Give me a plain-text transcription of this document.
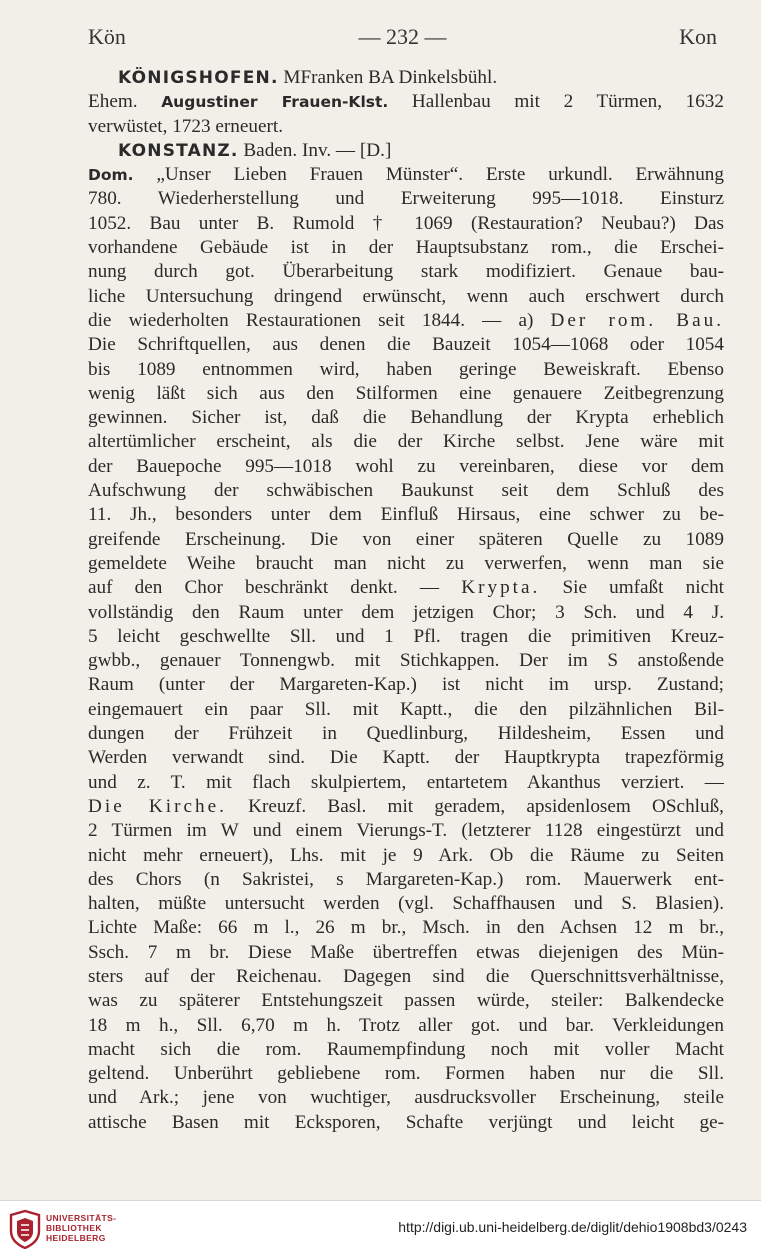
Kön	— 232 —	Kon
KÖNIGSHOFEN. MFranken BA Dinkelsbühl.
Ehem. Augustiner Frauen-Klst. Hallenbau mit 2 Türmen, 1632
verwüstet, 1723 erneuert.
KONSTANZ. Baden. Inv. — [D.]
Dom. „Unser Lieben Frauen Münster“. Erste urkundl. Erwähnung
780. Wiederherstellung und Erweiterung 995—1018. Einsturz
1052. Bau unter B. Rumold † 1069 (Restauration? Neubau?) Das
vorhandene Gebäude ist in der Hauptsubstanz rom., die Erschei-
nung durch got. Überarbeitung stark modifiziert. Genaue bau-
liche Untersuchung dringend erwünscht, wenn auch erschwert durch
die wiederholten Restaurationen seit 1844. — a) Der rom. Bau.
Die Schriftquellen, aus denen die Bauzeit 1054—1068 oder 1054
bis 1089 entnommen wird, haben geringe Beweiskraft. Ebenso
wenig läßt sich aus den Stilformen eine genauere Zeitbegrenzung
gewinnen. Sicher ist, daß die Behandlung der Krypta erheblich
altertümlicher erscheint, als die der Kirche selbst. Jene wäre mit
der Bauepoche 995—1018 wohl zu vereinbaren, diese vor dem
Aufschwung der schwäbischen Baukunst seit dem Schluß des
11. Jh., besonders unter dem Einfluß Hirsaus, eine schwer zu be-
greifende Erscheinung. Die von einer späteren Quelle zu 1089
gemeldete Weihe braucht man nicht zu verwerfen, wenn man sie
auf den Chor beschränkt denkt. — Krypta. Sie umfaßt nicht
vollständig den Raum unter dem jetzigen Chor; 3 Sch. und 4 J.
5 leicht geschwellte Sll. und 1 Pfl. tragen die primitiven Kreuz-
gwbb., genauer Tonnengwb. mit Stichkappen. Der im S anstoßende
Raum (unter der Margareten-Kap.) ist nicht im ursp. Zustand;
eingemauert ein paar Sll. mit Kaptt., die den pilzähnlichen Bil-
dungen der Frühzeit in Quedlinburg, Hildesheim, Essen und
Werden verwandt sind. Die Kaptt. der Hauptkrypta trapezförmig
und z. T. mit flach skulpiertem, entartetem Akanthus verziert. —
Die Kirche. Kreuzf. Basl. mit geradem, apsidenlosem OSchluß,
2 Türmen im W und einem Vierungs-T. (letzterer 1128 eingestürzt und
nicht mehr erneuert), Lhs. mit je 9 Ark. Ob die Räume zu Seiten
des Chors (n Sakristei, s Margareten-Kap.) rom. Mauerwerk ent-
halten, müßte untersucht werden (vgl. Schaffhausen und S. Blasien).
Lichte Maße: 66 m l., 26 m br., Msch. in den Achsen 12 m br.,
Ssch. 7 m br. Diese Maße übertreffen etwas diejenigen des Mün-
sters auf der Reichenau. Dagegen sind die Querschnittsverhältnisse,
was zu späterer Entstehungszeit passen würde, steiler: Balkendecke
18 m h., Sll. 6,70 m h. Trotz aller got. und bar. Verkleidungen
macht sich die rom. Raumempfindung noch mit voller Macht
geltend. Unberührt gebliebene rom. Formen haben nur die Sll.
und Ark.; jene von wuchtiger, ausdrucksvoller Erscheinung, steile
attische Basen mit Ecksporen, Schafte verjüngt und leicht ge-
UNIVERSITÄTS-
BIBLIOTHEK
HEIDELBERG
http://digi.ub.uni-heidelberg.de/diglit/dehio1908bd3/0243
